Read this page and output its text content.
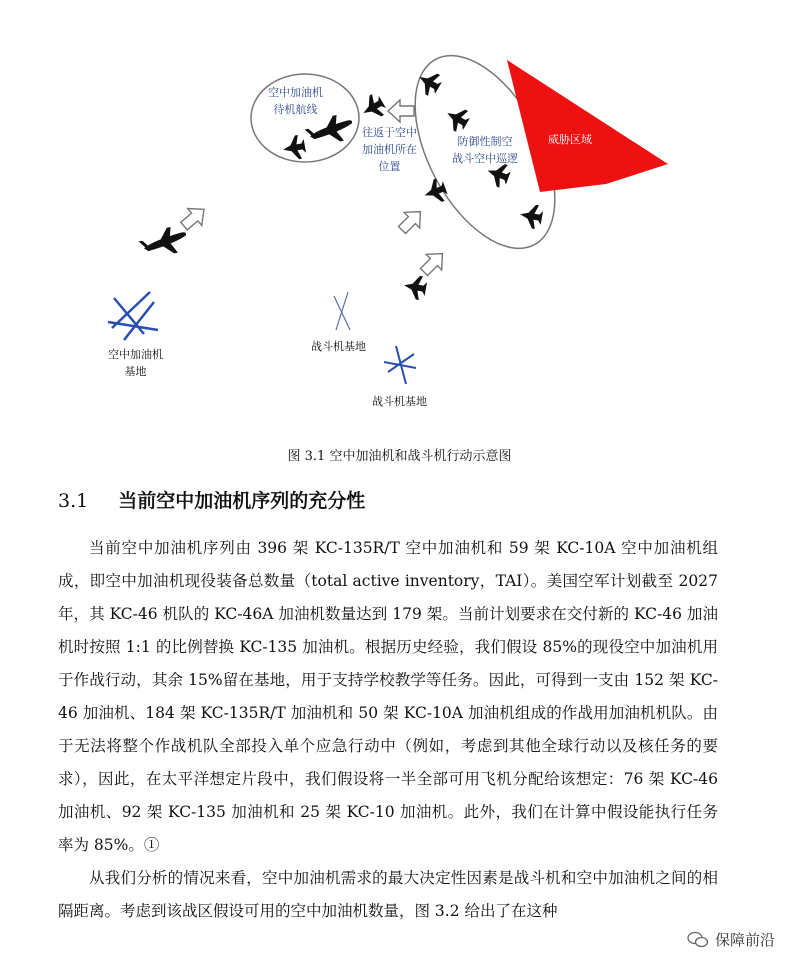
空中加油机
待机航线
往返于空中
加油机所在
位置
防御性制空
战斗空中巡逻
威胁区域
空中加油机
基地
战斗机基地
战斗机基地
图 3.1 空中加油机和战斗机行动示意图
3.1 当前空中加油机序列的充分性

当前空中加油机序列由 396 架 KC-135R/T 空中加油机和 59 架 KC-10A 空中加油机组成，即空中加油机现役装备总数量（total active inventory，TAI）。美国空军计划截至 2027 年，其 KC-46 机队的 KC-46A 加油机数量达到 179 架。当前计划要求在交付新的 KC-46 加油机时按照 1:1 的比例替换 KC-135 加油机。根据历史经验，我们假设 85%的现役空中加油机用于作战行动，其余 15%留在基地，用于支持学校教学等任务。因此，可得到一支由 152 架 KC-46 加油机、184 架 KC-135R/T 加油机和 50 架 KC-10A 加油机组成的作战用加油机机队。由于无法将整个作战机队全部投入单个应急行动中（例如，考虑到其他全球行动以及核任务的要求），因此，在太平洋想定片段中，我们假设将一半全部可用飞机分配给该想定：76 架 KC-46 加油机、92 架 KC-135 加油机和 25 架 KC-10 加油机。此外，我们在计算中假设能执行任务率为 85%。①

从我们分析的情况来看，空中加油机需求的最大决定性因素是战斗机和空中加油机之间的相隔距离。考虑到该战区假设可用的空中加油机数量，图 3.2 给出了在这种

保障前沿
